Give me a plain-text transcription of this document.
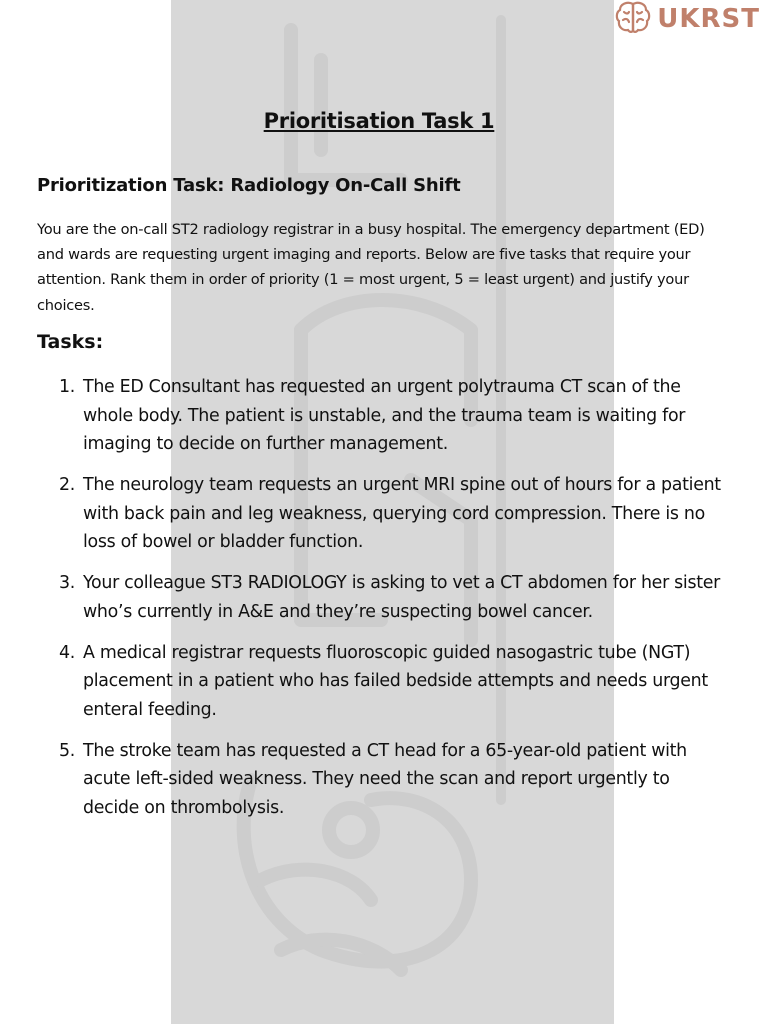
UKRST
Prioritisation Task 1
Prioritization Task: Radiology On-Call Shift

You are the on-call ST2 radiology registrar in a busy hospital. The emergency department (ED) and wards are requesting urgent imaging and reports. Below are five tasks that require your attention. Rank them in order of priority (1 = most urgent, 5 = least urgent) and justify your choices.

Tasks:
1. The ED Consultant has requested an urgent polytrauma CT scan of the whole body. The patient is unstable, and the trauma team is waiting for imaging to decide on further management.
2. The neurology team requests an urgent MRI spine out of hours for a patient with back pain and leg weakness, querying cord compression. There is no loss of bowel or bladder function.
3. Your colleague ST3 RADIOLOGY is asking to vet a CT abdomen for her sister who’s currently in A&E and they’re suspecting bowel cancer.
4. A medical registrar requests fluoroscopic guided nasogastric tube (NGT) placement in a patient who has failed bedside attempts and needs urgent enteral feeding.
5. The stroke team has requested a CT head for a 65-year-old patient with acute left-sided weakness. They need the scan and report urgently to decide on thrombolysis.
